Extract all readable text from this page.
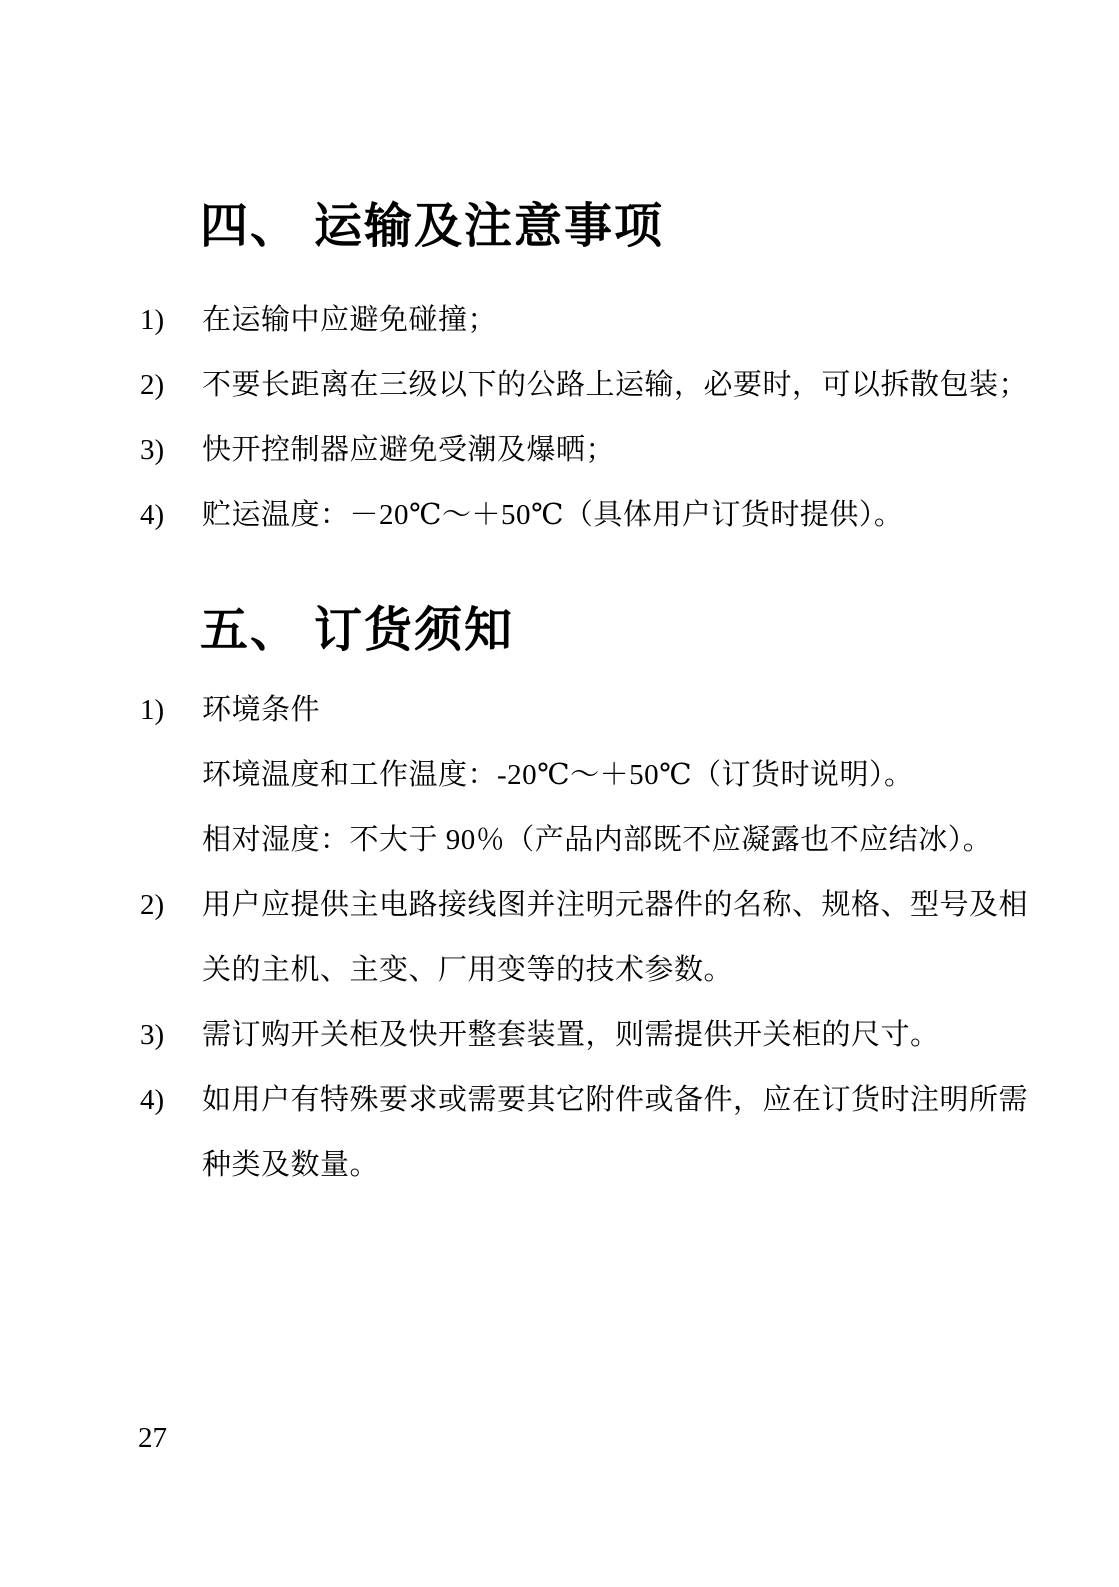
四、 运输及注意事项
1)	在运输中应避免碰撞；
2)	不要长距离在三级以下的公路上运输，必要时，可以拆散包装；
3)	快开控制器应避免受潮及爆晒；
4)	贮运温度：－20℃～＋50℃（具体用户订货时提供）。
五、 订货须知
1)	环境条件
环境温度和工作温度：-20℃～＋50℃（订货时说明）。
相对湿度：不大于 90％（产品内部既不应凝露也不应结冰）。
2)	用户应提供主电路接线图并注明元器件的名称、规格、型号及相
关的主机、主变、厂用变等的技术参数。
3)	需订购开关柜及快开整套装置，则需提供开关柜的尺寸。
4)	如用户有特殊要求或需要其它附件或备件，应在订货时注明所需
种类及数量。
27
